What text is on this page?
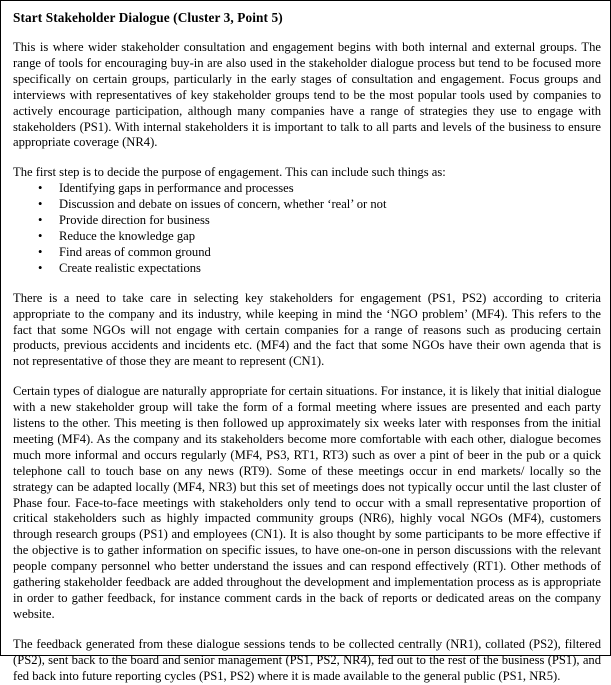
Start Stakeholder Dialogue (Cluster 3, Point 5)

This is where wider stakeholder consultation and engagement begins with both internal and external groups. The range of tools for encouraging buy-in are also used in the stakeholder dialogue process but tend to be focused more specifically on certain groups, particularly in the early stages of consultation and engagement. Focus groups and interviews with representatives of key stakeholder groups tend to be the most popular tools used by companies to actively encourage participation, although many companies have a range of strategies they use to engage with stakeholders (PS1). With internal stakeholders it is important to talk to all parts and levels of the business to ensure appropriate coverage (NR4).

The first step is to decide the purpose of engagement. This can include such things as:

• Identifying gaps in performance and processes
• Discussion and debate on issues of concern, whether ‘real’ or not
• Provide direction for business
• Reduce the knowledge gap
• Find areas of common ground
• Create realistic expectations

There is a need to take care in selecting key stakeholders for engagement (PS1, PS2) according to criteria appropriate to the company and its industry, while keeping in mind the ‘NGO problem’ (MF4). This refers to the fact that some NGOs will not engage with certain companies for a range of reasons such as producing certain products, previous accidents and incidents etc. (MF4) and the fact that some NGOs have their own agenda that is not representative of those they are meant to represent (CN1).

Certain types of dialogue are naturally appropriate for certain situations. For instance, it is likely that initial dialogue with a new stakeholder group will take the form of a formal meeting where issues are presented and each party listens to the other. This meeting is then followed up approximately six weeks later with responses from the initial meeting (MF4). As the company and its stakeholders become more comfortable with each other, dialogue becomes much more informal and occurs regularly (MF4, PS3, RT1, RT3) such as over a pint of beer in the pub or a quick telephone call to touch base on any news (RT9). Some of these meetings occur in end markets/ locally so the strategy can be adapted locally (MF4, NR3) but this set of meetings does not typically occur until the last cluster of Phase four. Face-to-face meetings with stakeholders only tend to occur with a small representative proportion of critical stakeholders such as highly impacted community groups (NR6), highly vocal NGOs (MF4), customers through research groups (PS1) and employees (CN1). It is also thought by some participants to be more effective if the objective is to gather information on specific issues, to have one-on-one in person discussions with the relevant people company personnel who better understand the issues and can respond effectively (RT1). Other methods of gathering stakeholder feedback are added throughout the development and implementation process as is appropriate in order to gather feedback, for instance comment cards in the back of reports or dedicated areas on the company website.

The feedback generated from these dialogue sessions tends to be collected centrally (NR1), collated (PS2), filtered (PS2), sent back to the board and senior management (PS1, PS2, NR4), fed out to the rest of the business (PS1), and fed back into future reporting cycles (PS1, PS2) where it is made available to the general public (PS1, NR5).
